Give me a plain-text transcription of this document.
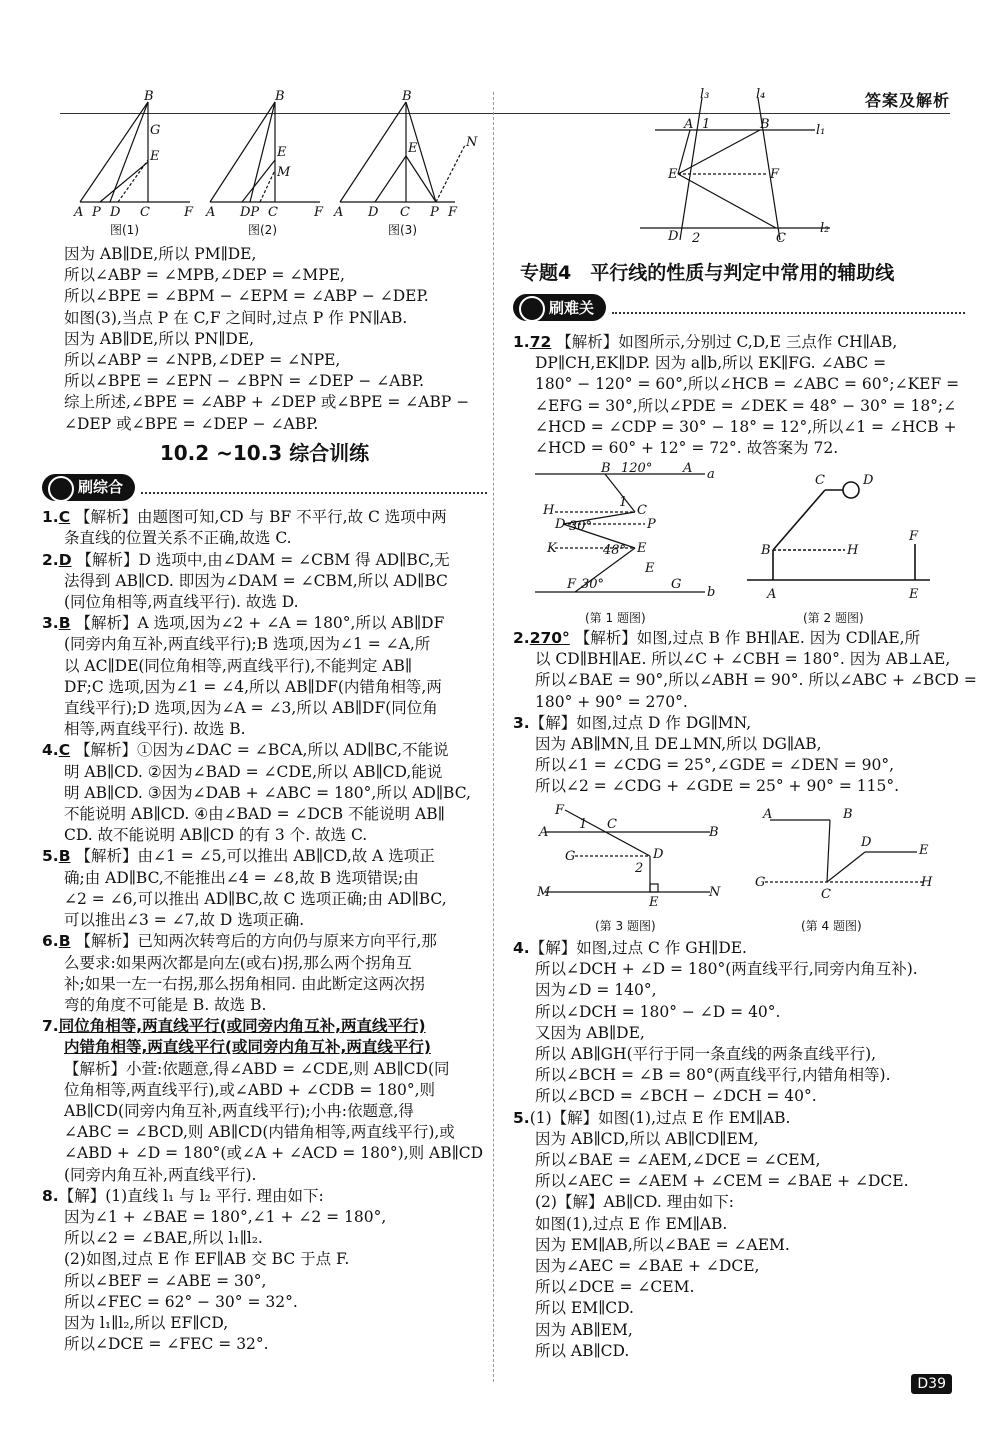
答案及解析
B
G
E
A P D C	F
B
E
M
A DP C	F
B
E	N
A D C P F
图(1)	图(2)	图(3)
l₃	l₄
l₁
l₂
A	B
E	F
D	C
1
2
因为 AB∥DE,所以 PM∥DE,
所以∠ABP = ∠MPB,∠DEP = ∠MPE,
所以∠BPE = ∠BPM − ∠EPM = ∠ABP − ∠DEP.
如图(3),当点 P 在 C,F 之间时,过点 P 作 PN∥AB.
因为 AB∥DE,所以 PN∥DE,
所以∠ABP = ∠NPB,∠DEP = ∠NPE,
所以∠BPE = ∠EPN − ∠BPN = ∠DEP − ∠ABP.
综上所述,∠BPE = ∠ABP + ∠DEP 或∠BPE = ∠ABP −
∠DEP 或∠BPE = ∠DEP − ∠ABP.
10.2 ~10.3 综合训练
刷综合
1.C 【解析】由题图可知,CD 与 BF 不平行,故 C 选项中两
条直线的位置关系不正确,故选 C.
2.D 【解析】D 选项中,由∠DAM = ∠CBM 得 AD∥BC,无
法得到 AB∥CD. 即因为∠DAM = ∠CBM,所以 AD∥BC
(同位角相等,两直线平行). 故选 D.
3.B 【解析】A 选项,因为∠2 + ∠A = 180°,所以 AB∥DF
(同旁内角互补,两直线平行);B 选项,因为∠1 = ∠A,所
以 AC∥DE(同位角相等,两直线平行),不能判定 AB∥
DF;C 选项,因为∠1 = ∠4,所以 AB∥DF(内错角相等,两
直线平行);D 选项,因为∠A = ∠3,所以 AB∥DF(同位角
相等,两直线平行). 故选 B.
4.C 【解析】①因为∠DAC = ∠BCA,所以 AD∥BC,不能说
明 AB∥CD. ②因为∠BAD = ∠CDE,所以 AB∥CD,能说
明 AB∥CD. ③因为∠DAB + ∠ABC = 180°,所以 AD∥BC,
不能说明 AB∥CD. ④由∠BAD = ∠DCB 不能说明 AB∥
CD. 故不能说明 AB∥CD 的有 3 个. 故选 C.
5.B 【解析】由∠1 = ∠5,可以推出 AB∥CD,故 A 选项正
确;由 AD∥BC,不能推出∠4 = ∠8,故 B 选项错误;由
∠2 = ∠6,可以推出 AD∥BC,故 C 选项正确;由 AD∥BC,
可以推出∠3 = ∠7,故 D 选项正确.
6.B 【解析】已知两次转弯后的方向仍与原来方向平行,那
么要求:如果两次都是向左(或右)拐,那么两个拐角互
补;如果一左一右拐,那么拐角相同. 由此断定这两次拐
弯的角度不可能是 B. 故选 B.
7.同位角相等,两直线平行(或同旁内角互补,两直线平行)
内错角相等,两直线平行(或同旁内角互补,两直线平行)
【解析】小萱:依题意,得∠ABD = ∠CDE,则 AB∥CD(同
位角相等,两直线平行),或∠ABD + ∠CDB = 180°,则
AB∥CD(同旁内角互补,两直线平行);小冉:依题意,得
∠ABC = ∠BCD,则 AB∥CD(内错角相等,两直线平行),或
∠ABD + ∠D = 180°(或∠A + ∠ACD = 180°),则 AB∥CD
(同旁内角互补,两直线平行).
8.【解】(1)直线 l₁ 与 l₂ 平行. 理由如下:
因为∠1 + ∠BAE = 180°,∠1 + ∠2 = 180°,
所以∠2 = ∠BAE,所以 l₁∥l₂.
(2)如图,过点 E 作 EF∥AB 交 BC 于点 F.
所以∠BEF = ∠ABE = 30°,
所以∠FEC = 62° − 30° = 32°.
因为 l₁∥l₂,所以 EF∥CD,
所以∠DCE = ∠FEC = 32°.
专题4　平行线的性质与判定中常用的辅助线
刷难关
1.72 【解析】如图所示,分别过 C,D,E 三点作 CH∥AB,
DP∥CH,EK∥DP. 因为 a∥b,所以 EK∥FG. ∠ABC =
180° − 120° = 60°,所以∠HCB = ∠ABC = 60°;∠KEF =
∠EFG = 30°,所以∠PDE = ∠DEK = 48° − 30° = 18°;∠
∠HCD = ∠CDP = 30° − 18° = 12°,所以∠1 = ∠HCB +
∠HCD = 60° + 12° = 72°. 故答案为 72.
B	A a
120°
1
C
H
D	P
30°
K	E
48°
E
F	G
b
30°
C	D
B	H
F
A	E
(第 1 题图)	(第 2 题图)
2.270° 【解析】如图,过点 B 作 BH∥AE. 因为 CD∥AE,所
以 CD∥BH∥AE. 所以∠C + ∠CBH = 180°. 因为 AB⊥AE,
所以∠BAE = 90°,所以∠ABH = 90°. 所以∠ABC + ∠BCD =
180° + 90° = 270°.
3.【解】如图,过点 D 作 DG∥MN,
因为 AB∥MN,且 DE⊥MN,所以 DG∥AB,
所以∠1 = ∠CDG = 25°,∠GDE = ∠DEN = 90°,
所以∠2 = ∠CDG + ∠GDE = 25° + 90° = 115°.
F
A
C
B
1
G	D
2
M
E
N
A	B
D
E
G
C
H
(第 3 题图)	(第 4 题图)
4.【解】如图,过点 C 作 GH∥DE.
所以∠DCH + ∠D = 180°(两直线平行,同旁内角互补).
因为∠D = 140°,
所以∠DCH = 180° − ∠D = 40°.
又因为 AB∥DE,
所以 AB∥GH(平行于同一条直线的两条直线平行),
所以∠BCH = ∠B = 80°(两直线平行,内错角相等).
所以∠BCD = ∠BCH − ∠DCH = 40°.
5.(1)【解】如图(1),过点 E 作 EM∥AB.
因为 AB∥CD,所以 AB∥CD∥EM,
所以∠BAE = ∠AEM,∠DCE = ∠CEM,
所以∠AEC = ∠AEM + ∠CEM = ∠BAE + ∠DCE.
(2)【解】AB∥CD. 理由如下:
如图(1),过点 E 作 EM∥AB.
因为 EM∥AB,所以∠BAE = ∠AEM.
因为∠AEC = ∠BAE + ∠DCE,
所以∠DCE = ∠CEM.
所以 EM∥CD.
因为 AB∥EM,
所以 AB∥CD.
D39
